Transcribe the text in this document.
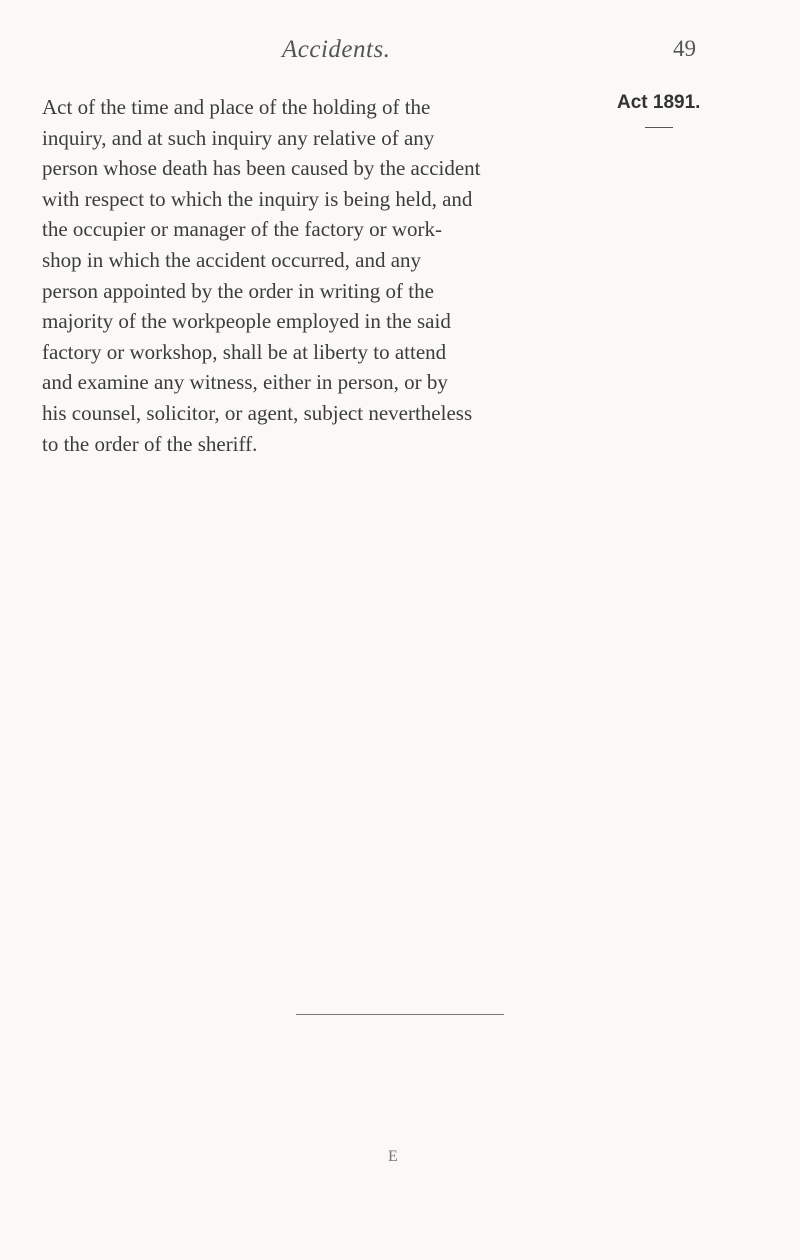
Accidents.	49
Act 1891.
Act of the time and place of the holding of the
inquiry, and at such inquiry any relative of any
person whose death has been caused by the accident
with respect to which the inquiry is being held, and
the occupier or manager of the factory or work-
shop in which the accident occurred, and any
person appointed by the order in writing of the
majority of the workpeople employed in the said
factory or workshop, shall be at liberty to attend
and examine any witness, either in person, or by
his counsel, solicitor, or agent, subject nevertheless
to the order of the sheriff.
E
